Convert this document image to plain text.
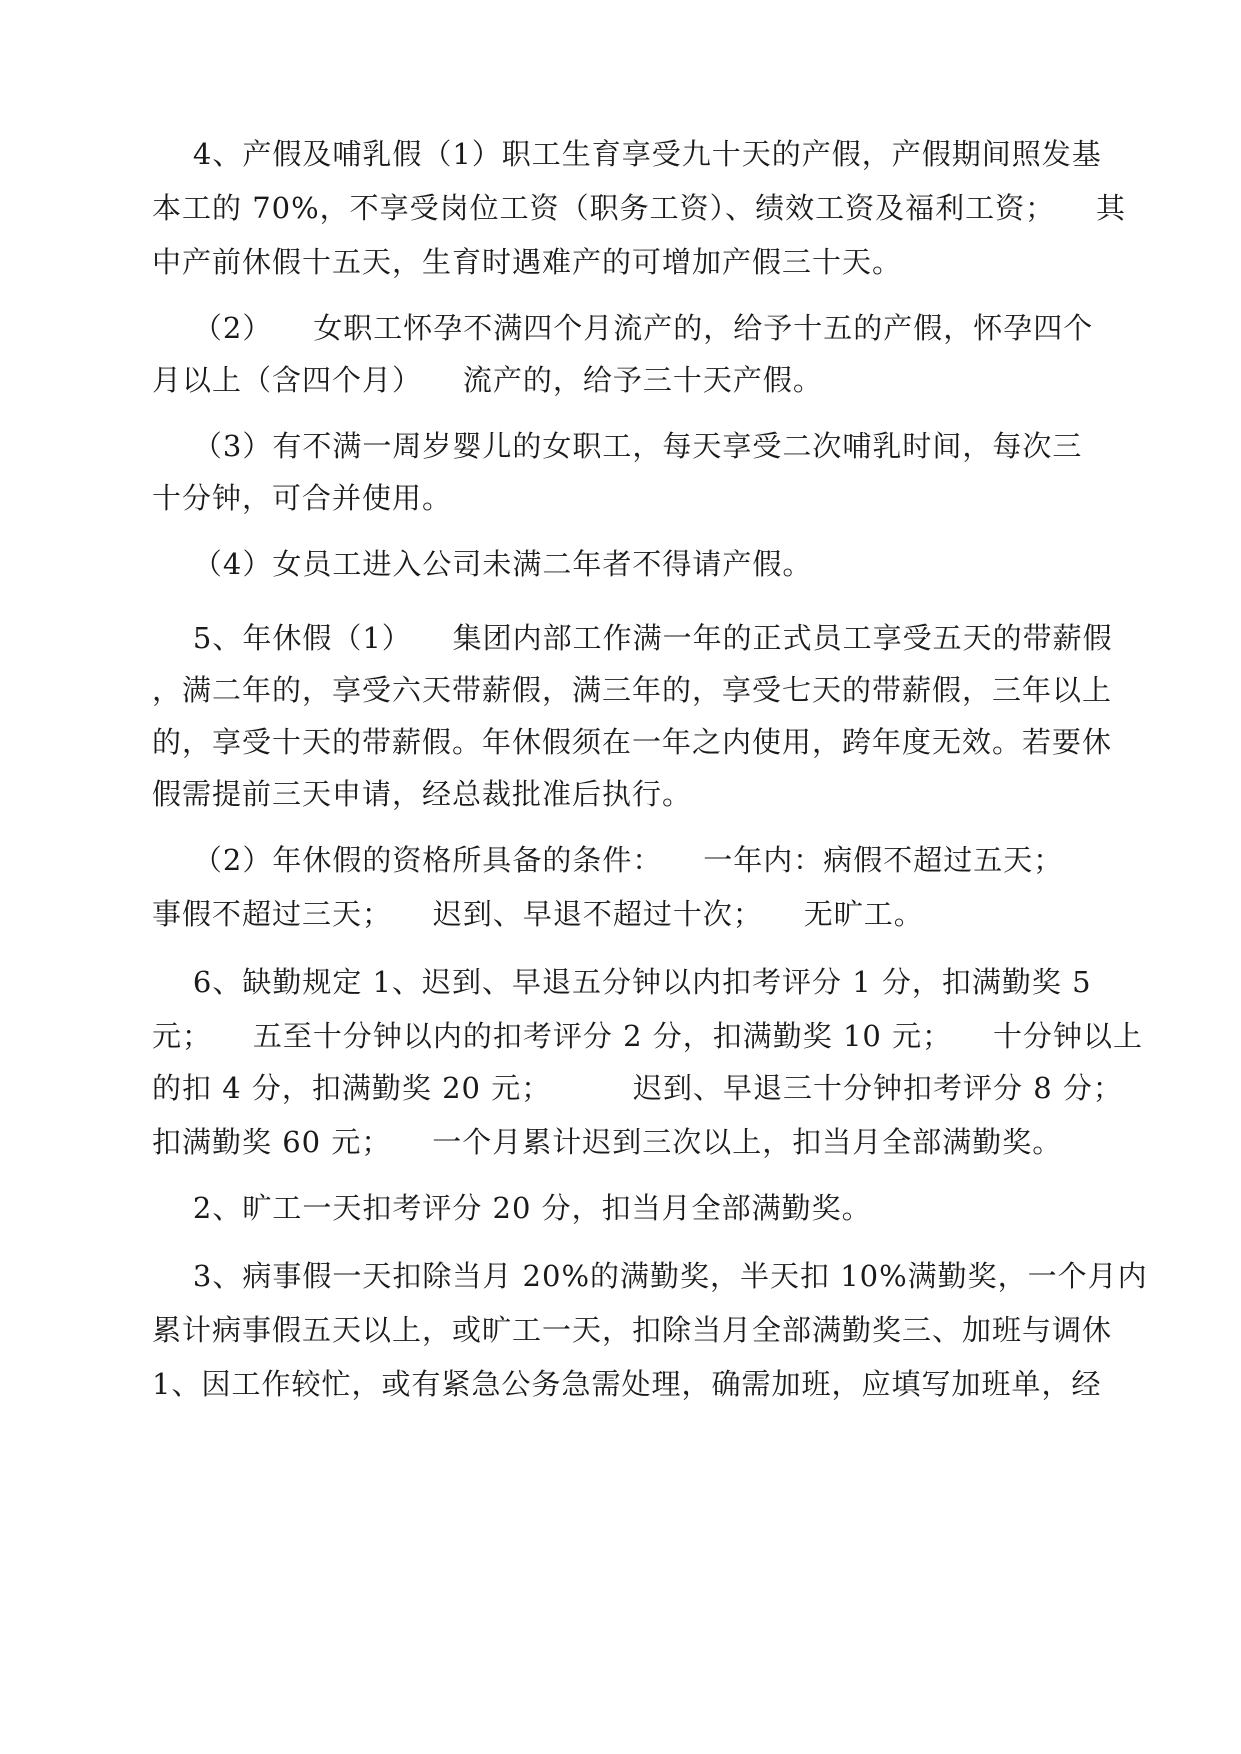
4、产假及哺乳假（1）职工生育享受九十天的产假，产假期间照发基
本工的 70%，不享受岗位工资（职务工资）、绩效工资及福利工资；    其
中产前休假十五天，生育时遇难产的可增加产假三十天。
（2）    女职工怀孕不满四个月流产的，给予十五的产假，怀孕四个
月以上（含四个月）    流产的，给予三十天产假。
（3）有不满一周岁婴儿的女职工，每天享受二次哺乳时间，每次三
十分钟，可合并使用。
（4）女员工进入公司未满二年者不得请产假。
5、年休假（1）    集团内部工作满一年的正式员工享受五天的带薪假
，满二年的，享受六天带薪假，满三年的，享受七天的带薪假，三年以上
的，享受十天的带薪假。年休假须在一年之内使用，跨年度无效。若要休
假需提前三天申请，经总裁批准后执行。
（2）年休假的资格所具备的条件：    一年内：病假不超过五天；
事假不超过三天；    迟到、早退不超过十次；    无旷工。
6、缺勤规定 1、迟到、早退五分钟以内扣考评分 1 分，扣满勤奖 5
元；    五至十分钟以内的扣考评分 2 分，扣满勤奖 10 元；    十分钟以上
的扣 4 分，扣满勤奖 20 元；        迟到、早退三十分钟扣考评分 8 分；
扣满勤奖 60 元；    一个月累计迟到三次以上，扣当月全部满勤奖。
2、旷工一天扣考评分 20 分，扣当月全部满勤奖。
3、病事假一天扣除当月 20%的满勤奖，半天扣 10%满勤奖，一个月内
累计病事假五天以上，或旷工一天，扣除当月全部满勤奖三、加班与调休
1、因工作较忙，或有紧急公务急需处理，确需加班，应填写加班单，经
